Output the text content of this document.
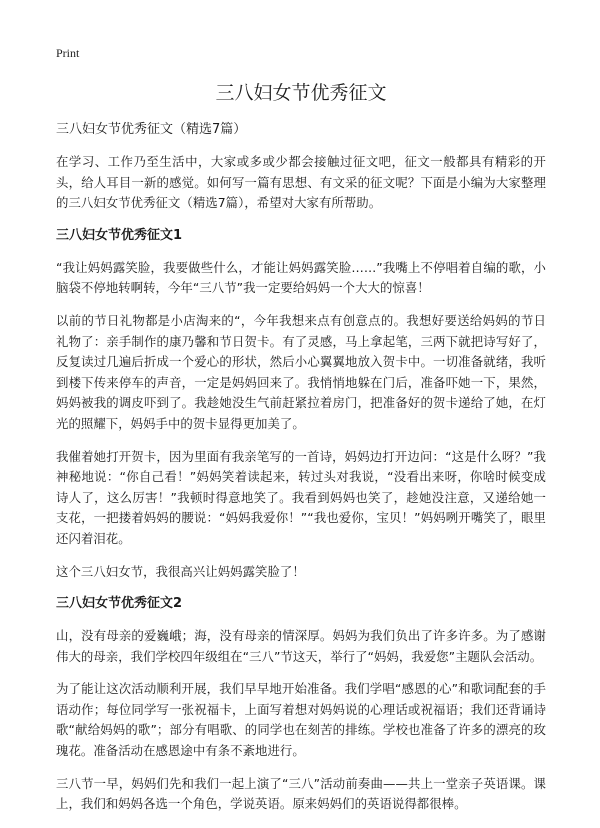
Print
三八妇女节优秀征文

三八妇女节优秀征文（精选7篇）

在学习、工作乃至生活中，大家或多或少都会接触过征文吧，征文一般都具有精彩的开头，给人耳目一新的感觉。如何写一篇有思想、有文采的征文呢？下面是小编为大家整理的三八妇女节优秀征文（精选7篇），希望对大家有所帮助。

三八妇女节优秀征文1

“我让妈妈露笑脸，我要做些什么，才能让妈妈露笑脸……”我嘴上不停唱着自编的歌，小脑袋不停地转啊转，今年“三八节”我一定要给妈妈一个大大的惊喜！

以前的节日礼物都是小店淘来的“，今年我想来点有创意点的。我想好要送给妈妈的节日礼物了：亲手制作的康乃馨和节日贺卡。有了灵感，马上拿起笔，三两下就把诗写好了，反复读过几遍后折成一个爱心的形状，然后小心翼翼地放入贺卡中。一切准备就绪，我听到楼下传来停车的声音，一定是妈妈回来了。我悄悄地躲在门后，准备吓她一下，果然，妈妈被我的调皮吓到了。我趁她没生气前赶紧拉着房门，把准备好的贺卡递给了她，在灯光的照耀下，妈妈手中的贺卡显得更加美了。

我催着她打开贺卡，因为里面有我亲笔写的一首诗，妈妈边打开边问：“这是什么呀？”我神秘地说：“你自己看！”妈妈笑着读起来，转过头对我说，“没看出来呀，你啥时候变成诗人了，这么厉害！”我顿时得意地笑了。我看到妈妈也笑了，趁她没注意，又递给她一支花，一把搂着妈妈的腰说：“妈妈我爱你！”“我也爱你，宝贝！”妈妈咧开嘴笑了，眼里还闪着泪花。

这个三八妇女节，我很高兴让妈妈露笑脸了！

三八妇女节优秀征文2

山，没有母亲的爱巍峨；海，没有母亲的情深厚。妈妈为我们负出了许多许多。为了感谢伟大的母亲，我们学校四年级组在“三八”节这天，举行了“妈妈，我爱您”主题队会活动。

为了能让这次活动顺利开展，我们早早地开始准备。我们学唱“感恩的心”和歌词配套的手语动作；每位同学写一张祝福卡，上面写着想对妈妈说的心理话或祝福语；我们还背诵诗歌“献给妈妈的歌”；部分有唱歌、的同学也在刻苦的排练。学校也准备了许多的漂亮的玫瑰花。准备活动在感恩途中有条不紊地进行。

三八节一早，妈妈们先和我们一起上演了“三八”活动前奏曲——共上一堂亲子英语课。课上，我们和妈妈各选一个角色，学说英语。原来妈妈们的英语说得都很棒。
